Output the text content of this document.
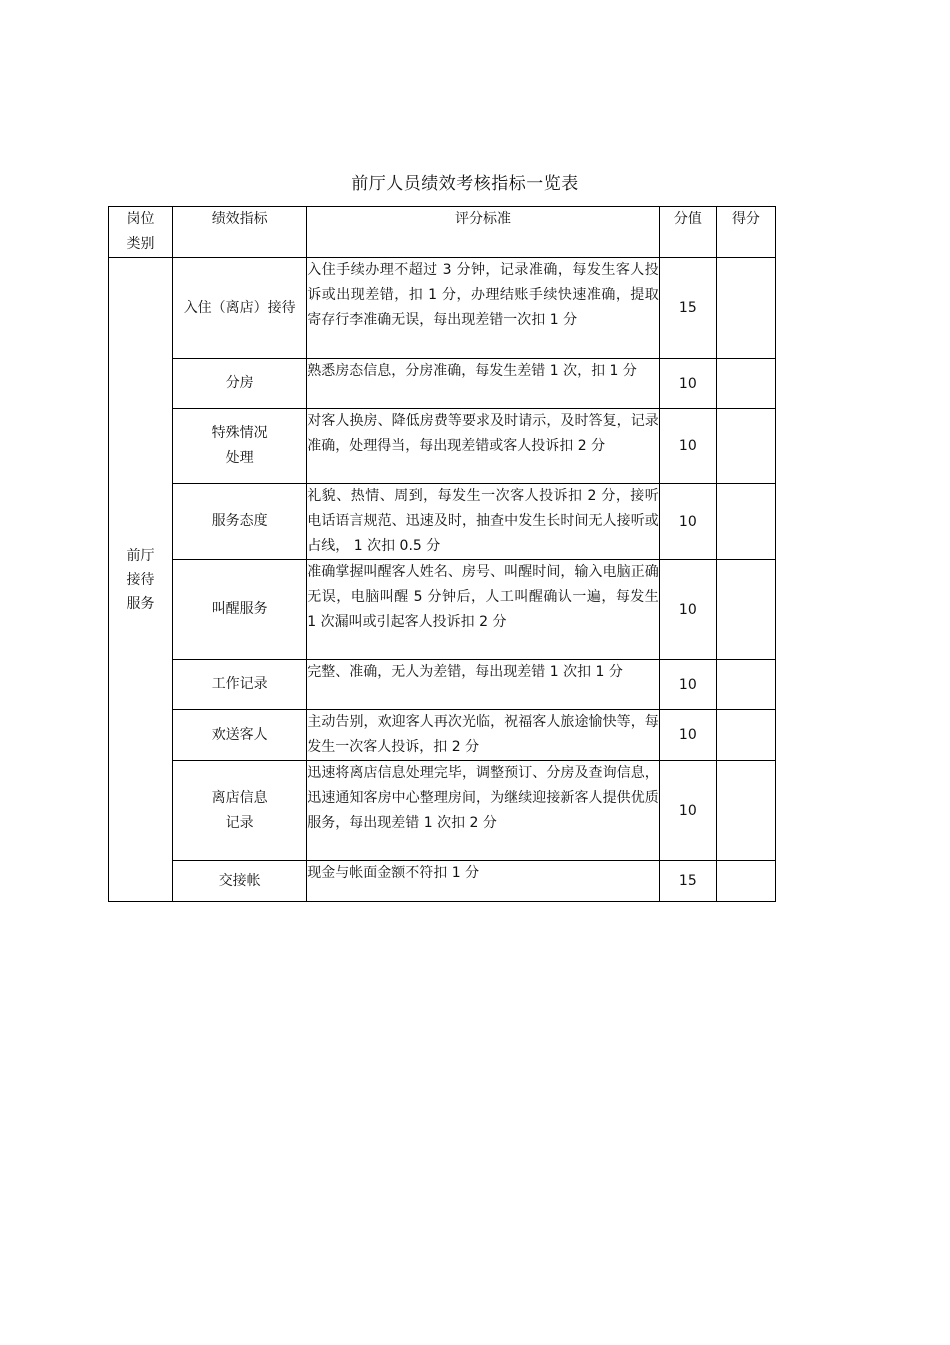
前厅人员绩效考核指标一览表
岗位类别	绩效指标	评分标准	分值	得分
前厅接待服务	入住（离店）接待	入住手续办理不超过 3 分钟，记录准确，每发生客人投诉或出现差错，扣 1 分，办理结账手续快速准确，提取寄存行李准确无误，每出现差错一次扣 1 分	15	
	分房	熟悉房态信息，分房准确，每发生差错 1 次，扣 1 分	10	
	特殊情况处理	对客人换房、降低房费等要求及时请示，及时答复，记录准确，处理得当，每出现差错或客人投诉扣 2 分	10	
	服务态度	礼貌、热情、周到，每发生一次客人投诉扣 2 分，接听电话语言规范、迅速及时，抽查中发生长时间无人接听或占线， 1 次扣 0.5 分	10	
	叫醒服务	准确掌握叫醒客人姓名、房号、叫醒时间，输入电脑正确无误，电脑叫醒 5 分钟后，人工叫醒确认一遍，每发生 1 次漏叫或引起客人投诉扣 2 分	10	
	工作记录	完整、准确，无人为差错，每出现差错 1 次扣 1 分	10	
	欢送客人	主动告别，欢迎客人再次光临，祝福客人旅途愉快等，每发生一次客人投诉，扣 2 分	10	
	离店信息记录	迅速将离店信息处理完毕，调整预订、分房及查询信息，迅速通知客房中心整理房间，为继续迎接新客人提供优质服务，每出现差错 1 次扣 2 分	10	
	交接帐	现金与帐面金额不符扣 1 分	15	
